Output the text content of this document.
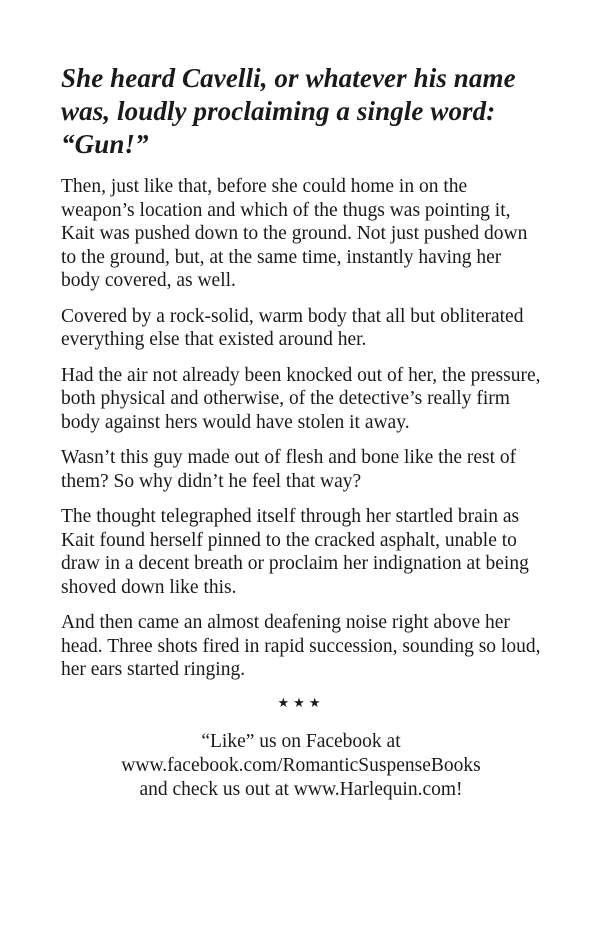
She heard Cavelli, or whatever his name was, loudly proclaiming a single word: “Gun!”

Then, just like that, before she could home in on the weapon’s location and which of the thugs was pointing it, Kait was pushed down to the ground. Not just pushed down to the ground, but, at the same time, instantly having her body covered, as well.

Covered by a rock-solid, warm body that all but obliterated everything else that existed around her.

Had the air not already been knocked out of her, the pressure, both physical and otherwise, of the detective’s really firm body against hers would have stolen it away.

Wasn’t this guy made out of flesh and bone like the rest of them? So why didn’t he feel that way?

The thought telegraphed itself through her startled brain as Kait found herself pinned to the cracked asphalt, unable to draw in a decent breath or proclaim her indignation at being shoved down like this.

And then came an almost deafening noise right above her head. Three shots fired in rapid succession, sounding so loud, her ears started ringing.

★★★
“Like” us on Facebook at
www.facebook.com/RomanticSuspenseBooks
and check us out at www.Harlequin.com!
